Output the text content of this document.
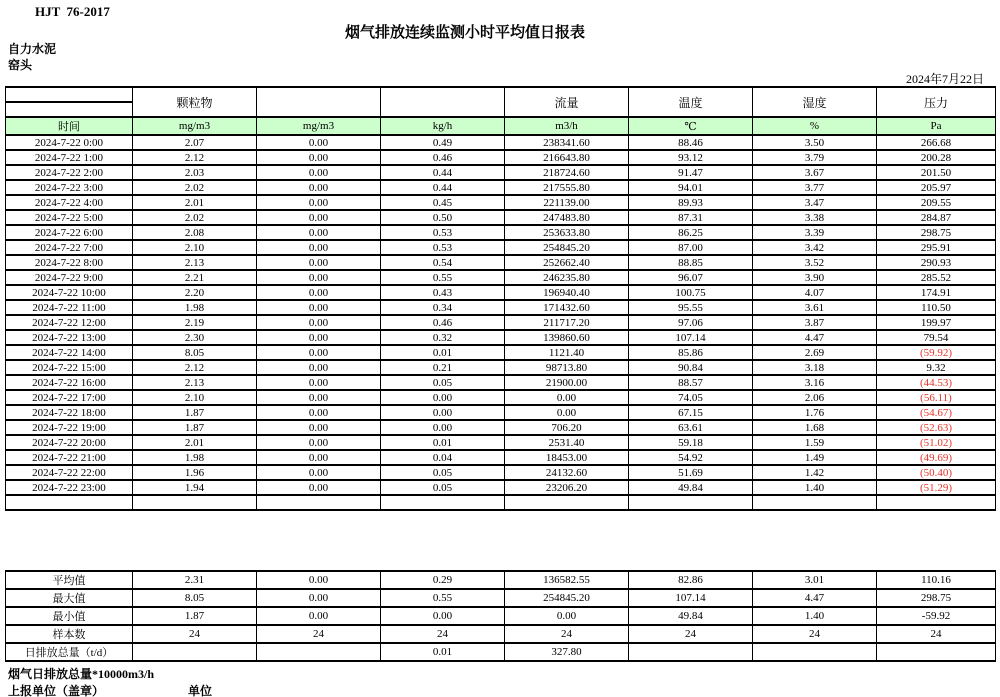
HJT  76-2017
烟气排放连续监测小时平均值日报表
自力水泥
窑头
2024年7月22日
	颗粒物			流量	温度	湿度	压力

时间	mg/m3	mg/m3	kg/h	m3/h	℃	%	Pa
2024-7-22 0:00	2.07	0.00	0.49	238341.60	88.46	3.50	266.68
2024-7-22 1:00	2.12	0.00	0.46	216643.80	93.12	3.79	200.28
2024-7-22 2:00	2.03	0.00	0.44	218724.60	91.47	3.67	201.50
2024-7-22 3:00	2.02	0.00	0.44	217555.80	94.01	3.77	205.97
2024-7-22 4:00	2.01	0.00	0.45	221139.00	89.93	3.47	209.55
2024-7-22 5:00	2.02	0.00	0.50	247483.80	87.31	3.38	284.87
2024-7-22 6:00	2.08	0.00	0.53	253633.80	86.25	3.39	298.75
2024-7-22 7:00	2.10	0.00	0.53	254845.20	87.00	3.42	295.91
2024-7-22 8:00	2.13	0.00	0.54	252662.40	88.85	3.52	290.93
2024-7-22 9:00	2.21	0.00	0.55	246235.80	96.07	3.90	285.52
2024-7-22 10:00	2.20	0.00	0.43	196940.40	100.75	4.07	174.91
2024-7-22 11:00	1.98	0.00	0.34	171432.60	95.55	3.61	110.50
2024-7-22 12:00	2.19	0.00	0.46	211717.20	97.06	3.87	199.97
2024-7-22 13:00	2.30	0.00	0.32	139860.60	107.14	4.47	79.54
2024-7-22 14:00	8.05	0.00	0.01	1121.40	85.86	2.69	(59.92)
2024-7-22 15:00	2.12	0.00	0.21	98713.80	90.84	3.18	9.32
2024-7-22 16:00	2.13	0.00	0.05	21900.00	88.57	3.16	(44.53)
2024-7-22 17:00	2.10	0.00	0.00	0.00	74.05	2.06	(56.11)
2024-7-22 18:00	1.87	0.00	0.00	0.00	67.15	1.76	(54.67)
2024-7-22 19:00	1.87	0.00	0.00	706.20	63.61	1.68	(52.63)
2024-7-22 20:00	2.01	0.00	0.01	2531.40	59.18	1.59	(51.02)
2024-7-22 21:00	1.98	0.00	0.04	18453.00	54.92	1.49	(49.69)
2024-7-22 22:00	1.96	0.00	0.05	24132.60	51.69	1.42	(50.40)
2024-7-22 23:00	1.94	0.00	0.05	23206.20	49.84	1.40	(51.29)

平均值	2.31	0.00	0.29	136582.55	82.86	3.01	110.16
最大值	8.05	0.00	0.55	254845.20	107.14	4.47	298.75
最小值	1.87	0.00	0.00	0.00	49.84	1.40	-59.92
样本数	24	24	24	24	24	24	24
日排放总量（t/d）			0.01	327.80			
烟气日排放总量*10000m3/h
上报单位（盖章）	单位
